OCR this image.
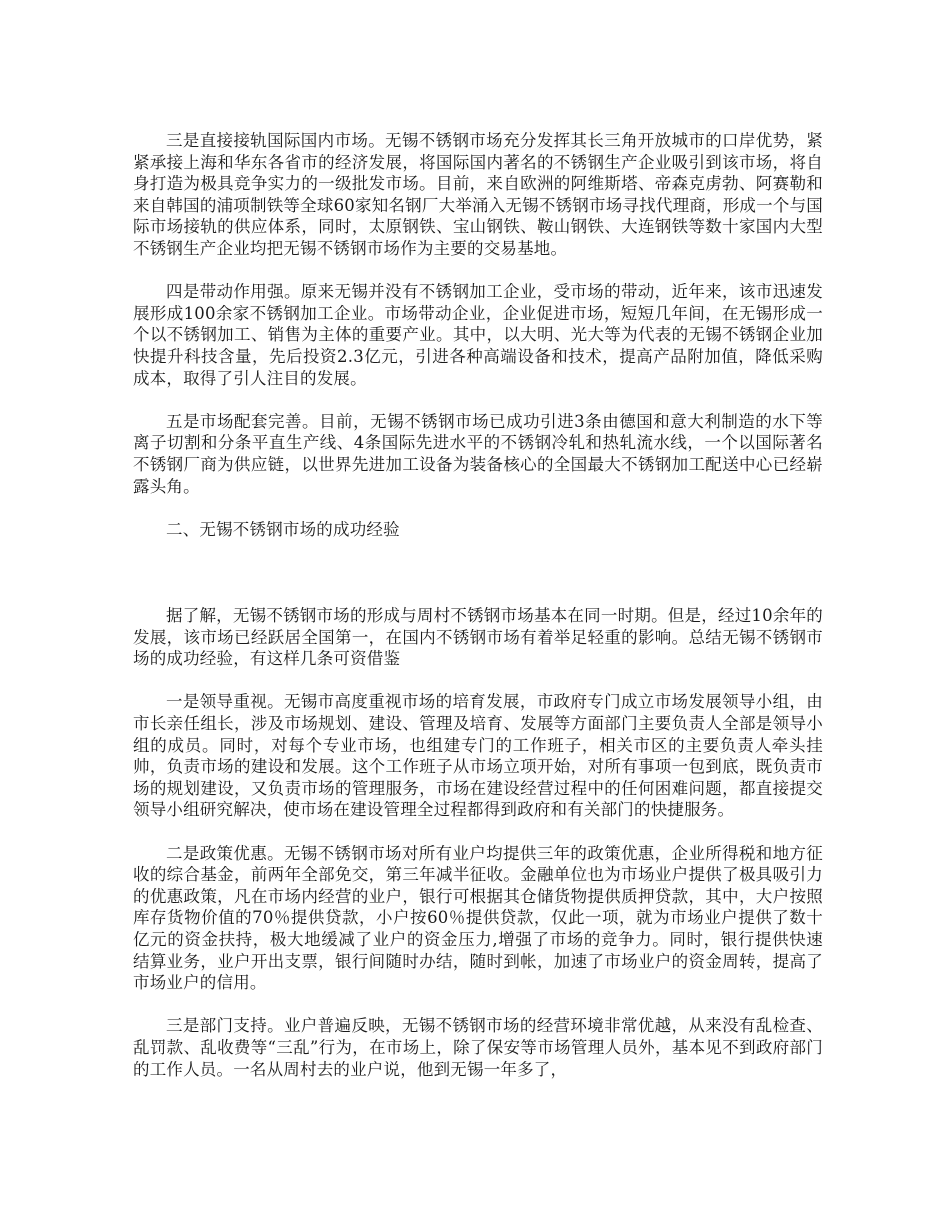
三是直接接轨国际国内市场。无锡不锈钢市场充分发挥其长三角开放城市的口岸优势，紧紧承接上海和华东各省市的经济发展，将国际国内著名的不锈钢生产企业吸引到该市场，将自身打造为极具竞争实力的一级批发市场。目前，来自欧洲的阿维斯塔、帝森克虏勃、阿赛勒和来自韩国的浦项制铁等全球60家知名钢厂大举涌入无锡不锈钢市场寻找代理商，形成一个与国际市场接轨的供应体系，同时，太原钢铁、宝山钢铁、鞍山钢铁、大连钢铁等数十家国内大型不锈钢生产企业均把无锡不锈钢市场作为主要的交易基地。

四是带动作用强。原来无锡并没有不锈钢加工企业，受市场的带动，近年来，该市迅速发展形成100余家不锈钢加工企业。市场带动企业，企业促进市场，短短几年间，在无锡形成一个以不锈钢加工、销售为主体的重要产业。其中，以大明、光大等为代表的无锡不锈钢企业加快提升科技含量，先后投资2.3亿元，引进各种高端设备和技术，提高产品附加值，降低采购成本，取得了引人注目的发展。

五是市场配套完善。目前，无锡不锈钢市场已成功引进3条由德国和意大利制造的水下等离子切割和分条平直生产线、4条国际先进水平的不锈钢冷轧和热轧流水线，一个以国际著名不锈钢厂商为供应链，以世界先进加工设备为装备核心的全国最大不锈钢加工配送中心已经崭露头角。

二、无锡不锈钢市场的成功经验

据了解，无锡不锈钢市场的形成与周村不锈钢市场基本在同一时期。但是，经过10余年的发展，该市场已经跃居全国第一，在国内不锈钢市场有着举足轻重的影响。总结无锡不锈钢市场的成功经验，有这样几条可资借鉴

一是领导重视。无锡市高度重视市场的培育发展，市政府专门成立市场发展领导小组，由市长亲任组长，涉及市场规划、建设、管理及培育、发展等方面部门主要负责人全部是领导小组的成员。同时，对每个专业市场，也组建专门的工作班子，相关市区的主要负责人牵头挂帅，负责市场的建设和发展。这个工作班子从市场立项开始，对所有事项一包到底，既负责市场的规划建设，又负责市场的管理服务，市场在建设经营过程中的任何困难问题，都直接提交领导小组研究解决，使市场在建设管理全过程都得到政府和有关部门的快捷服务。

二是政策优惠。无锡不锈钢市场对所有业户均提供三年的政策优惠，企业所得税和地方征收的综合基金，前两年全部免交，第三年减半征收。金融单位也为市场业户提供了极具吸引力的优惠政策，凡在市场内经营的业户，银行可根据其仓储货物提供质押贷款，其中，大户按照库存货物价值的70％提供贷款，小户按60％提供贷款，仅此一项，就为市场业户提供了数十亿元的资金扶持，极大地缓减了业户的资金压力,增强了市场的竞争力。同时，银行提供快速结算业务，业户开出支票，银行间随时办结，随时到帐，加速了市场业户的资金周转，提高了市场业户的信用。

三是部门支持。业户普遍反映，无锡不锈钢市场的经营环境非常优越，从来没有乱检查、乱罚款、乱收费等“三乱”行为，在市场上，除了保安等市场管理人员外，基本见不到政府部门的工作人员。一名从周村去的业户说，他到无锡一年多了，
